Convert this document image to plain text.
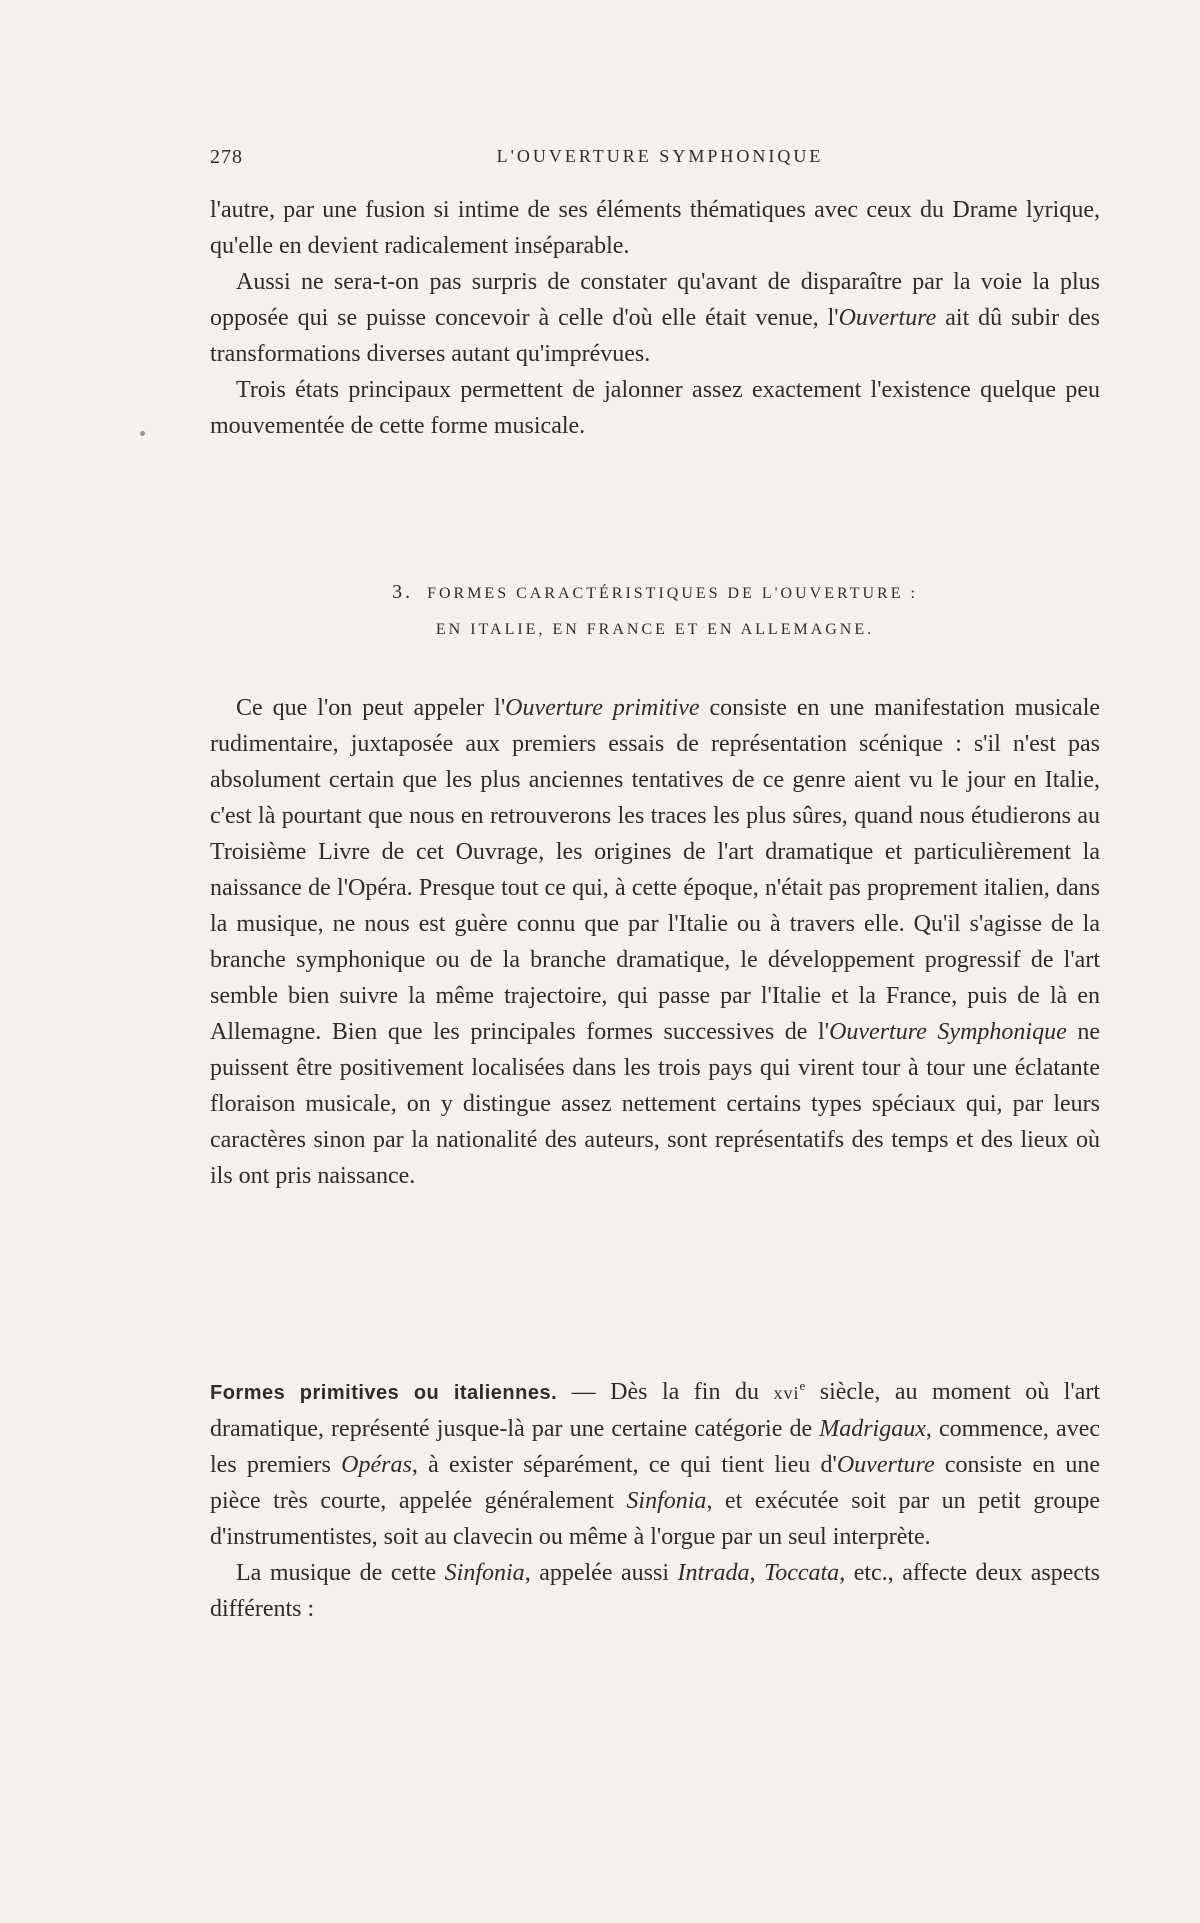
278	L'OUVERTURE SYMPHONIQUE

l'autre, par une fusion si intime de ses éléments thématiques avec ceux du Drame lyrique, qu'elle en devient radicalement inséparable.

Aussi ne sera-t-on pas surpris de constater qu'avant de disparaître par la voie la plus opposée qui se puisse concevoir à celle d'où elle était venue, l'Ouverture ait dû subir des transformations diverses autant qu'imprévues.

Trois états principaux permettent de jalonner assez exactement l'existence quelque peu mouvementée de cette forme musicale.

3. FORMES CARACTÉRISTIQUES DE L'OUVERTURE :
EN ITALIE, EN FRANCE ET EN ALLEMAGNE.

Ce que l'on peut appeler l'Ouverture primitive consiste en une manifestation musicale rudimentaire, juxtaposée aux premiers essais de représentation scénique : s'il n'est pas absolument certain que les plus anciennes tentatives de ce genre aient vu le jour en Italie, c'est là pourtant que nous en retrouverons les traces les plus sûres, quand nous étudierons au Troisième Livre de cet Ouvrage, les origines de l'art dramatique et particulièrement la naissance de l'Opéra. Presque tout ce qui, à cette époque, n'était pas proprement italien, dans la musique, ne nous est guère connu que par l'Italie ou à travers elle. Qu'il s'agisse de la branche symphonique ou de la branche dramatique, le développement progressif de l'art semble bien suivre la même trajectoire, qui passe par l'Italie et la France, puis de là en Allemagne. Bien que les principales formes successives de l'Ouverture Symphonique ne puissent être positivement localisées dans les trois pays qui virent tour à tour une éclatante floraison musicale, on y distingue assez nettement certains types spéciaux qui, par leurs caractères sinon par la nationalité des auteurs, sont représentatifs des temps et des lieux où ils ont pris naissance.

Formes primitives ou italiennes. — Dès la fin du xvi$^e$ siècle, au moment où l'art dramatique, représenté jusque-là par une certaine catégorie de Madrigaux, commence, avec les premiers Opéras, à exister séparément, ce qui tient lieu d'Ouverture consiste en une pièce très courte, appelée généralement Sinfonia, et exécutée soit par un petit groupe d'instrumentistes, soit au clavecin ou même à l'orgue par un seul interprète.

La musique de cette Sinfonia, appelée aussi Intrada, Toccata, etc., affecte deux aspects différents :
